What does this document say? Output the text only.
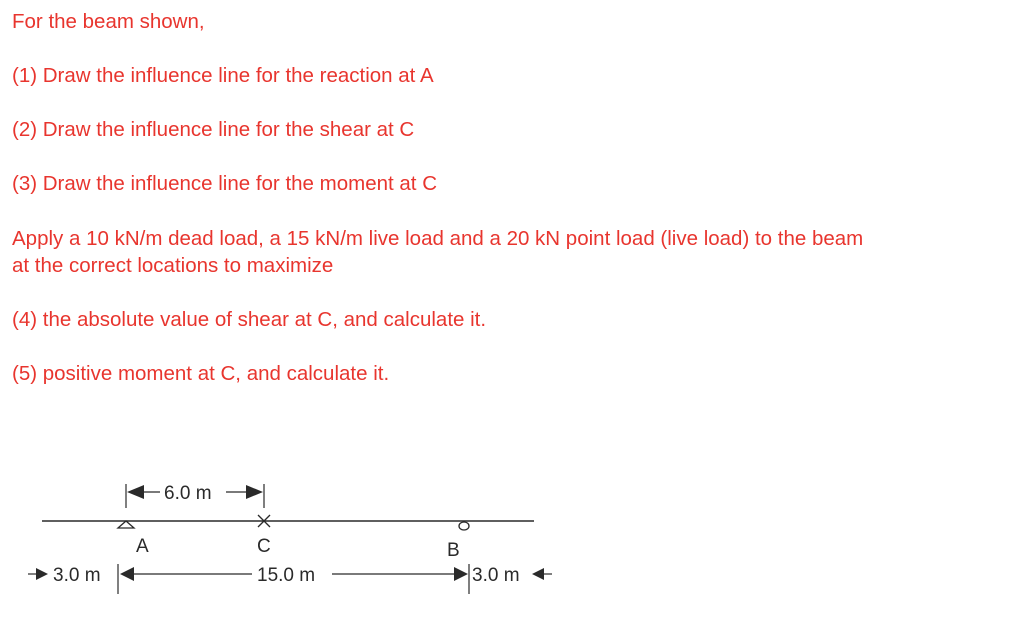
For the beam shown,
(1) Draw the influence line for the reaction at A
(2) Draw the influence line for the shear at C
(3) Draw the influence line for the moment at C
Apply a 10 kN/m dead load, a 15 kN/m live load and a 20 kN point load (live load) to the beam
at the correct locations to maximize
(4) the absolute value of shear at C, and calculate it.
(5) positive moment at C, and calculate it.
A	C	B
6.0 m
3.0 m	15.0 m	3.0 m
